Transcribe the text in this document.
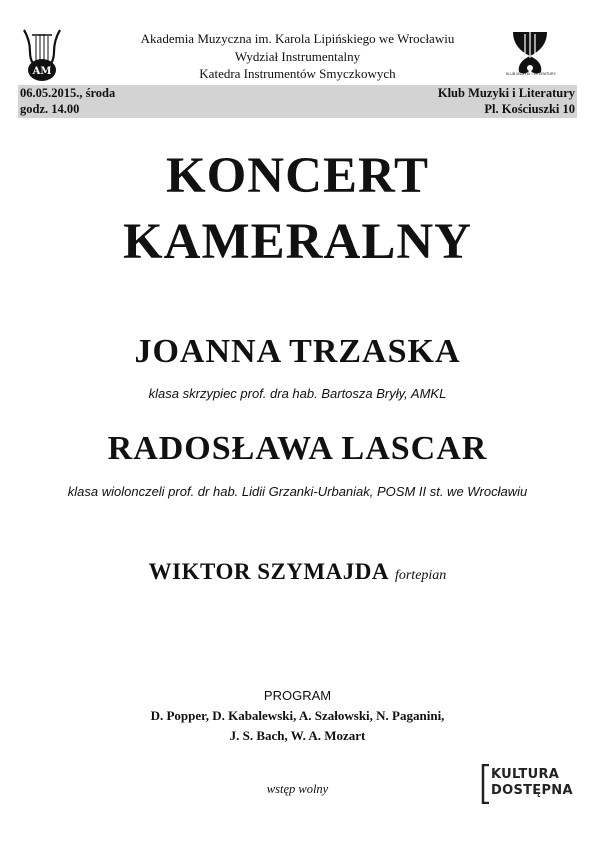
AM	KLUB MUZYKI I LITERATURY
Akademia Muzyczna im. Karola Lipińskiego we Wrocławiu
Wydział Instrumentalny
Katedra Instrumentów Smyczkowych
06.05.2015., środa
godz. 14.00
Klub Muzyki i Literatury
Pl. Kościuszki 10
KONCERT
KAMERALNY
JOANNA TRZASKA
klasa skrzypiec prof. dra hab. Bartosza Bryły, AMKL
RADOSŁAWA LASCAR
klasa wiolonczeli prof. dr hab. Lidii Grzanki-Urbaniak, POSM II st. we Wrocławiu
WIKTOR SZYMAJDA fortepian
PROGRAM
D. Popper, D. Kabalewski, A. Szałowski, N. Paganini,
J. S. Bach, W. A. Mozart
wstęp wolny
KULTURA
DOSTĘPNA
